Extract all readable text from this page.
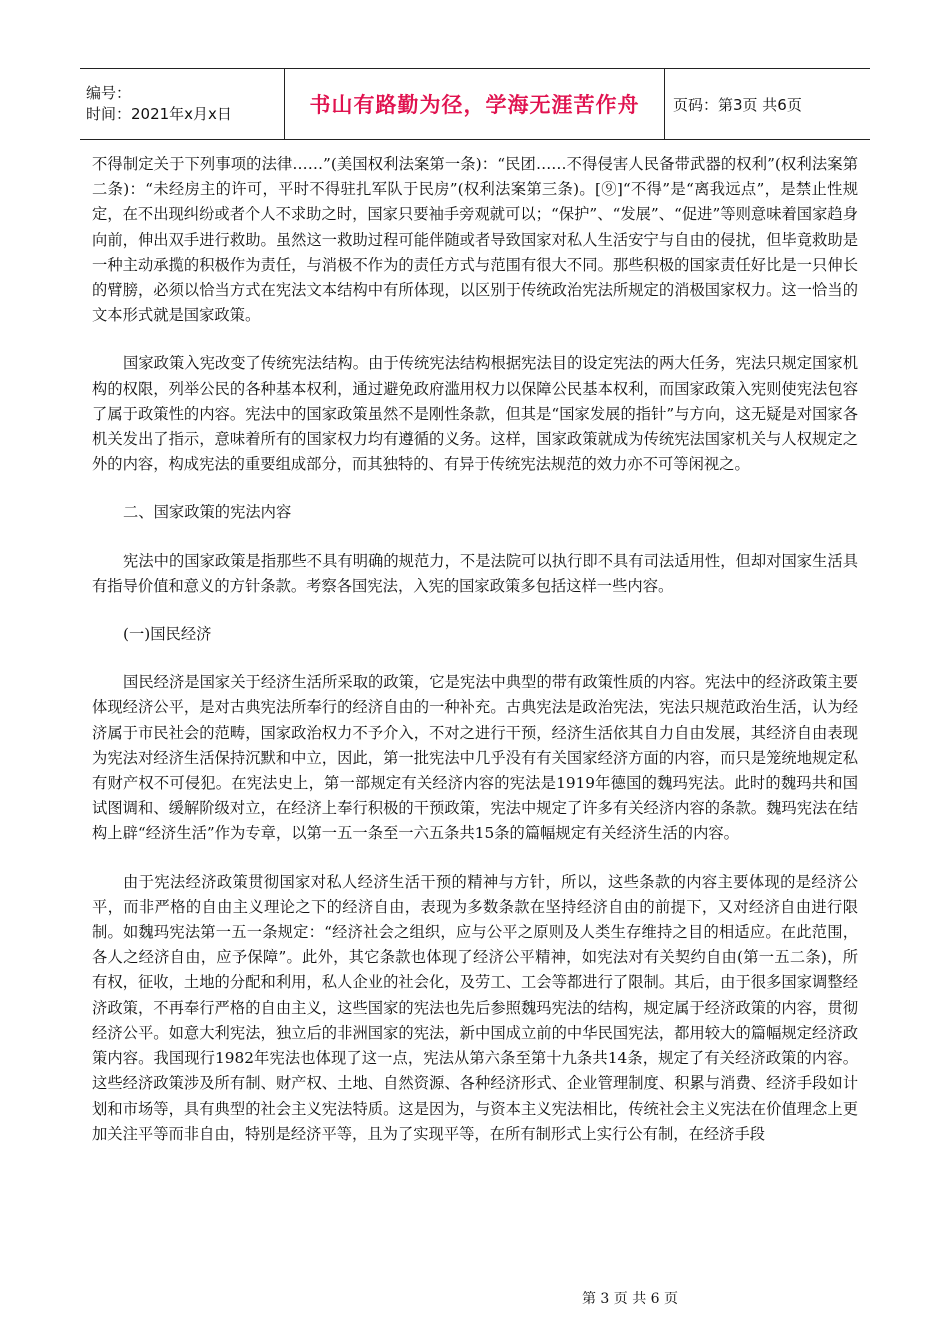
编号：
时间：2021年x月x日	书山有路勤为径，学海无涯苦作舟 页码：第3页 共6页

不得制定关于下列事项的法律……”(美国权利法案第一条)：“民团……不得侵害人民备带武器的权利”(权利法案第二条)：“未经房主的许可，平时不得驻扎军队于民房”(权利法案第三条)。[⑨]“不得”是“离我远点”，是禁止性规定，在不出现纠纷或者个人不求助之时，国家只要袖手旁观就可以；“保护”、“发展”、“促进”等则意味着国家趋身向前，伸出双手进行救助。虽然这一救助过程可能伴随或者导致国家对私人生活安宁与自由的侵扰，但毕竟救助是一种主动承揽的积极作为责任，与消极不作为的责任方式与范围有很大不同。那些积极的国家责任好比是一只伸长的臂膀，必须以恰当方式在宪法文本结构中有所体现，以区别于传统政治宪法所规定的消极国家权力。这一恰当的文本形式就是国家政策。

国家政策入宪改变了传统宪法结构。由于传统宪法结构根据宪法目的设定宪法的两大任务，宪法只规定国家机构的权限，列举公民的各种基本权利，通过避免政府滥用权力以保障公民基本权利，而国家政策入宪则使宪法包容了属于政策性的内容。宪法中的国家政策虽然不是刚性条款，但其是“国家发展的指针”与方向，这无疑是对国家各机关发出了指示，意味着所有的国家权力均有遵循的义务。这样，国家政策就成为传统宪法国家机关与人权规定之外的内容，构成宪法的重要组成部分，而其独特的、有异于传统宪法规范的效力亦不可等闲视之。

二、国家政策的宪法内容

宪法中的国家政策是指那些不具有明确的规范力，不是法院可以执行即不具有司法适用性，但却对国家生活具有指导价值和意义的方针条款。考察各国宪法，入宪的国家政策多包括这样一些内容。

(一)国民经济

国民经济是国家关于经济生活所采取的政策，它是宪法中典型的带有政策性质的内容。宪法中的经济政策主要体现经济公平，是对古典宪法所奉行的经济自由的一种补充。古典宪法是政治宪法，宪法只规范政治生活，认为经济属于市民社会的范畴，国家政治权力不予介入，不对之进行干预，经济生活依其自力自由发展，其经济自由表现为宪法对经济生活保持沉默和中立，因此，第一批宪法中几乎没有有关国家经济方面的内容，而只是笼统地规定私有财产权不可侵犯。在宪法史上，第一部规定有关经济内容的宪法是1919年德国的魏玛宪法。此时的魏玛共和国试图调和、缓解阶级对立，在经济上奉行积极的干预政策，宪法中规定了许多有关经济内容的条款。魏玛宪法在结构上辟“经济生活”作为专章，以第一五一条至一六五条共15条的篇幅规定有关经济生活的内容。

由于宪法经济政策贯彻国家对私人经济生活干预的精神与方针，所以，这些条款的内容主要体现的是经济公平，而非严格的自由主义理论之下的经济自由，表现为多数条款在坚持经济自由的前提下，又对经济自由进行限制。如魏玛宪法第一五一条规定：“经济社会之组织，应与公平之原则及人类生存维持之目的相适应。在此范围，各人之经济自由，应予保障”。此外，其它条款也体现了经济公平精神，如宪法对有关契约自由(第一五二条)，所有权，征收，土地的分配和利用，私人企业的社会化，及劳工、工会等都进行了限制。其后，由于很多国家调整经济政策，不再奉行严格的自由主义，这些国家的宪法也先后参照魏玛宪法的结构，规定属于经济政策的内容，贯彻经济公平。如意大利宪法，独立后的非洲国家的宪法，新中国成立前的中华民国宪法，都用较大的篇幅规定经济政策内容。我国现行1982年宪法也体现了这一点，宪法从第六条至第十九条共14条，规定了有关经济政策的内容。这些经济政策涉及所有制、财产权、土地、自然资源、各种经济形式、企业管理制度、积累与消费、经济手段如计划和市场等，具有典型的社会主义宪法特质。这是因为，与资本主义宪法相比，传统社会主义宪法在价值理念上更加关注平等而非自由，特别是经济平等，且为了实现平等，在所有制形式上实行公有制，在经济手段

第 3 页 共 6 页
